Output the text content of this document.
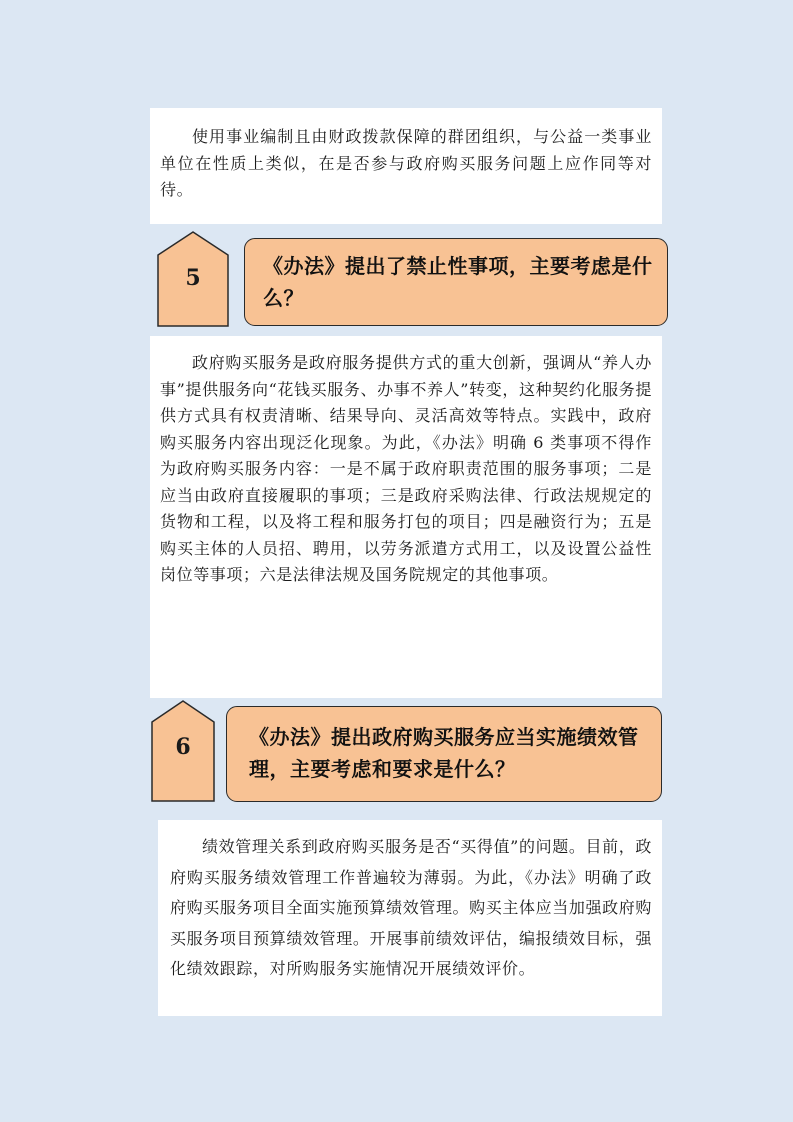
使用事业编制且由财政拨款保障的群团组织，与公益一类事业单位在性质上类似，在是否参与政府购买服务问题上应作同等对待。

5	《办法》提出了禁止性事项，主要考虑是什么？

政府购买服务是政府服务提供方式的重大创新，强调从“养人办事”提供服务向“花钱买服务、办事不养人”转变，这种契约化服务提供方式具有权责清晰、结果导向、灵活高效等特点。实践中，政府购买服务内容出现泛化现象。为此，《办法》明确 6 类事项不得作为政府购买服务内容：一是不属于政府职责范围的服务事项；二是应当由政府直接履职的事项；三是政府采购法律、行政法规规定的货物和工程，以及将工程和服务打包的项目；四是融资行为；五是购买主体的人员招、聘用，以劳务派遣方式用工，以及设置公益性岗位等事项；六是法律法规及国务院规定的其他事项。

6	《办法》提出政府购买服务应当实施绩效管理，主要考虑和要求是什么？

绩效管理关系到政府购买服务是否“买得值”的问题。目前，政府购买服务绩效管理工作普遍较为薄弱。为此，《办法》明确了政府购买服务项目全面实施预算绩效管理。购买主体应当加强政府购买服务项目预算绩效管理。开展事前绩效评估，编报绩效目标，强化绩效跟踪，对所购服务实施情况开展绩效评价。
